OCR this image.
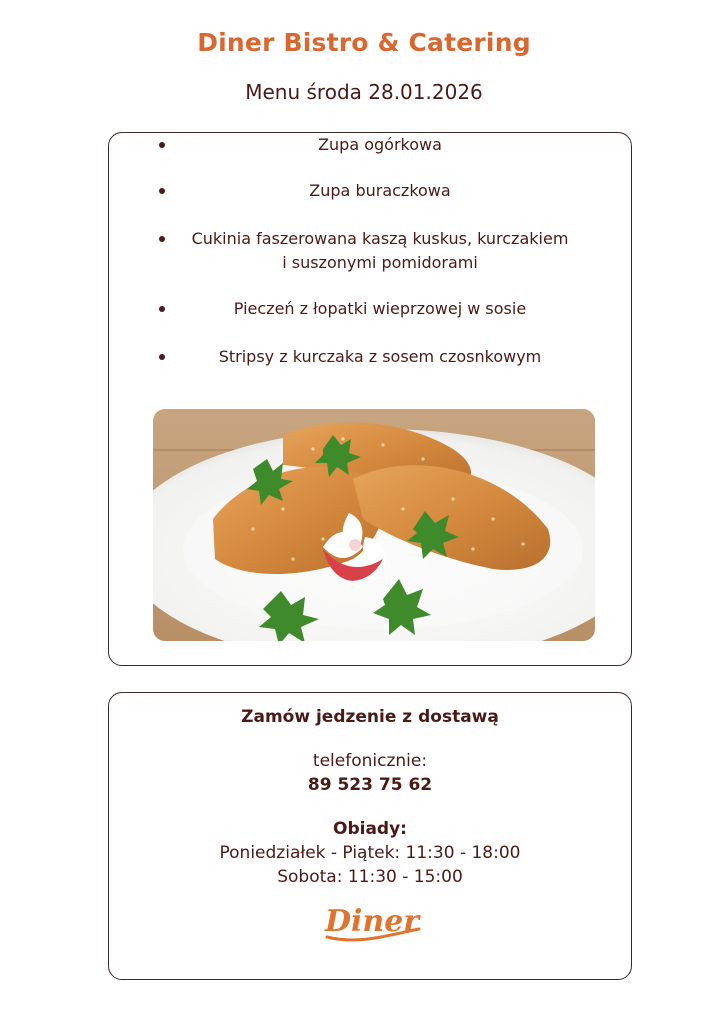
Diner Bistro & Catering
Menu środa 28.01.2026
Zupa ogórkowa
Zupa buraczkowa
Cukinia faszerowana kaszą kuskus, kurczakiem
i suszonymi pomidorami
Pieczeń z łopatki wieprzowej w sosie
Stripsy z kurczaka z sosem czosnkowym
Zamów jedzenie z dostawą
telefonicznie:
89 523 75 62
Obiady:
Poniedziałek - Piątek: 11:30 - 18:00
Sobota: 11:30 - 15:00
Diner
